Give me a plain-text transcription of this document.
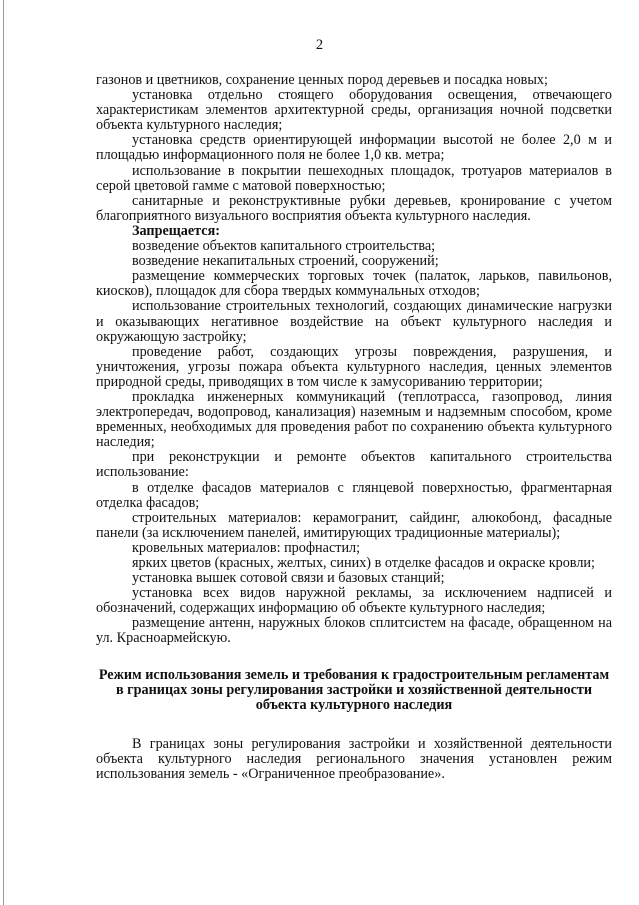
2

газонов и цветников, сохранение ценных пород деревьев и посадка новых;

установка отдельно стоящего оборудования освещения, отвечающего характеристикам элементов архитектурной среды, организация ночной подсветки объекта культурного наследия;

установка средств ориентирующей информации высотой не более 2,0 м и площадью информационного поля не более 1,0 кв. метра;

использование в покрытии пешеходных площадок, тротуаров материалов в серой цветовой гамме с матовой поверхностью;

санитарные и реконструктивные рубки деревьев, кронирование с учетом благоприятного визуального восприятия объекта культурного наследия.

Запрещается:

возведение объектов капитального строительства;

возведение некапитальных строений, сооружений;

размещение коммерческих торговых точек (палаток, ларьков, павильонов, киосков), площадок для сбора твердых коммунальных отходов;

использование строительных технологий, создающих динамические нагрузки и оказывающих негативное воздействие на объект культурного наследия и окружающую застройку;

проведение работ, создающих угрозы повреждения, разрушения, и уничтожения, угрозы пожара объекта культурного наследия, ценных элементов природной среды, приводящих в том числе к замусориванию территории;

прокладка инженерных коммуникаций (теплотрасса, газопровод, линия электропередач, водопровод, канализация) наземным и надземным способом, кроме временных, необходимых для проведения работ по сохранению объекта культурного наследия;

при реконструкции и ремонте объектов капитального строительства использование:

в отделке фасадов материалов с глянцевой поверхностью, фрагментарная отделка фасадов;

строительных материалов: керамогранит, сайдинг, алюкобонд, фасадные панели (за исключением панелей, имитирующих традиционные материалы);

кровельных материалов: профнастил;

ярких цветов (красных, желтых, синих) в отделке фасадов и окраске кровли;

установка вышек сотовой связи и базовых станций;

установка всех видов наружной рекламы, за исключением надписей и обозначений, содержащих информацию об объекте культурного наследия;

размещение антенн, наружных блоков сплитсистем на фасаде, обращенном на ул. Красноармейскую.

Режим использования земель и требования к градостроительным регламентам в границах зоны регулирования застройки и хозяйственной деятельности объекта культурного наследия

В границах зоны регулирования застройки и хозяйственной деятельности объекта культурного наследия регионального значения установлен режим использования земель - «Ограниченное преобразование».
